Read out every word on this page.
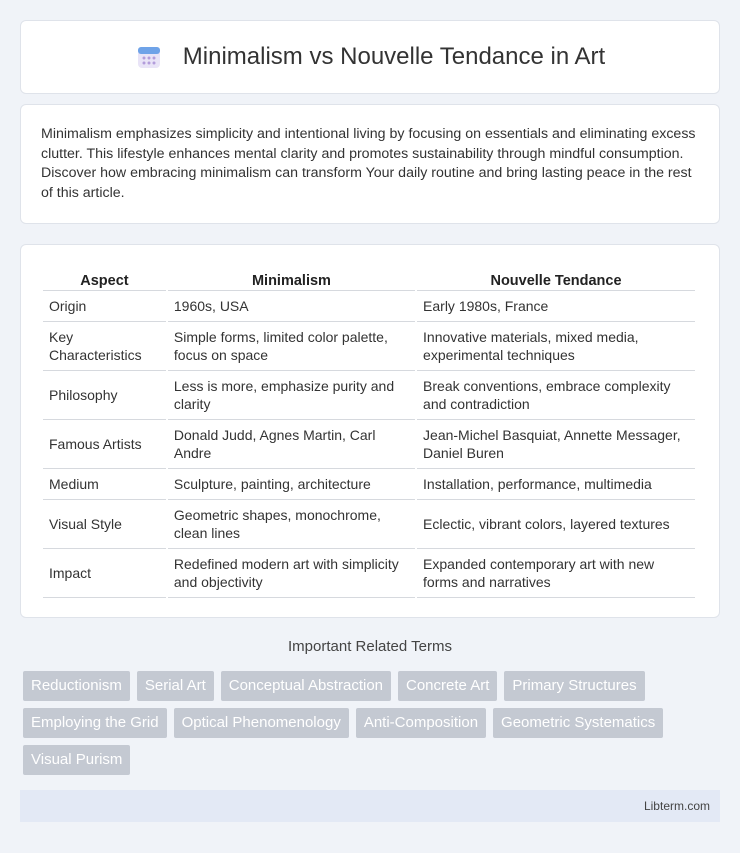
Minimalism vs Nouvelle Tendance in Art

Minimalism emphasizes simplicity and intentional living by focusing on essentials and eliminating excess clutter. This lifestyle enhances mental clarity and promotes sustainability through mindful consumption. Discover how embracing minimalism can transform Your daily routine and bring lasting peace in the rest of this article.

Aspect	Minimalism	Nouvelle Tendance
Origin	1960s, USA	Early 1980s, France
Key Characteristics	Simple forms, limited color palette, focus on space	Innovative materials, mixed media, experimental techniques
Philosophy	Less is more, emphasize purity and clarity	Break conventions, embrace complexity and contradiction
Famous Artists	Donald Judd, Agnes Martin, Carl Andre	Jean-Michel Basquiat, Annette Messager, Daniel Buren
Medium	Sculpture, painting, architecture	Installation, performance, multimedia
Visual Style	Geometric shapes, monochrome, clean lines	Eclectic, vibrant colors, layered textures
Impact	Redefined modern art with simplicity and objectivity	Expanded contemporary art with new forms and narratives
Important Related Terms
Reductionism	Serial Art	Conceptual Abstraction	Concrete Art	Primary Structures
Employing the Grid	Optical Phenomenology	Anti-Composition	Geometric Systematics
Visual Purism
Libterm.com
